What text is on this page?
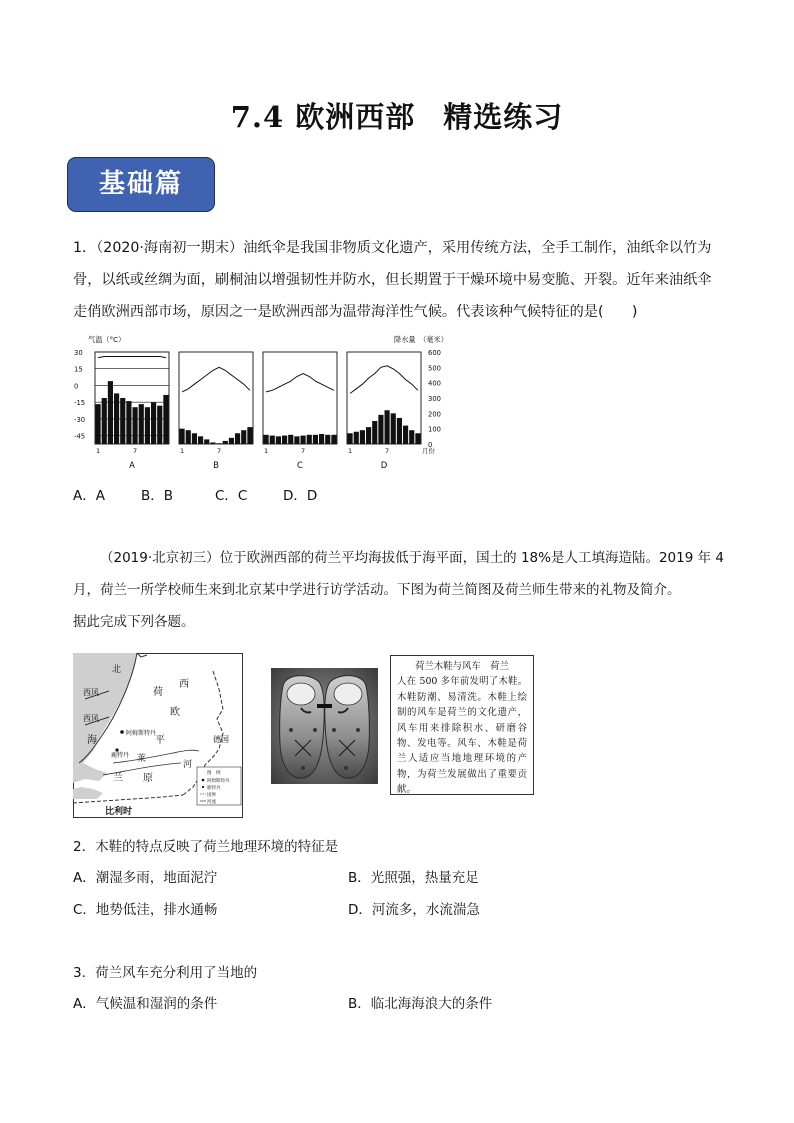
7.4 欧洲西部 精选练习
基础篇
1．（2020·海南初一期末）油纸伞是我国非物质文化遗产，采用传统方法，全手工制作，油纸伞以竹为骨，以纸或丝绸为面，刷桐油以增强韧性并防水，但长期置于干燥环境中易变脆、开裂。近年来油纸伞走俏欧洲西部市场，原因之一是欧洲西部为温带海洋性气候。代表该种气候特征的是(　　)
气温（°C）	降水量　（毫米）
30
15
0
-15
-30
-45
600
500
400
300
200
100
0
1	7
A
1	7
B
1	7
C
1	7
D
月份
A．A	B．B	C．C	D．D
（2019·北京初三）位于欧洲西部的荷兰平均海拔低于海平面，国土的 18%是人工填海造陆。2019 年 4
月，荷兰一所学校师生来到北京某中学进行访学活动。下图为荷兰简图及荷兰师生带来的礼物及简介。
据此完成下列各题。
北
西风	荷
西
西风
欧
阿姆斯特丹
海
鹿特丹
平	德国
兰
莱
原
河
比利时
图　例
阿姆斯特丹
鹿特丹
国界
河流
荷兰木鞋与风车　荷兰
人在 500 多年前发明了木鞋。木鞋防潮、易清洗。木鞋上绘制的风车是荷兰的文化遗产，风车用来排除积水、研磨谷物、发电等。风车、木鞋是荷兰人适应当地地理环境的产物，为荷兰发展做出了重要贡献。
2．木鞋的特点反映了荷兰地理环境的特征是
A．潮湿多雨，地面泥泞	B．光照强，热量充足
C．地势低洼，排水通畅	D．河流多，水流湍急
3．荷兰风车充分利用了当地的
A．气候温和湿润的条件	B．临北海海浪大的条件
